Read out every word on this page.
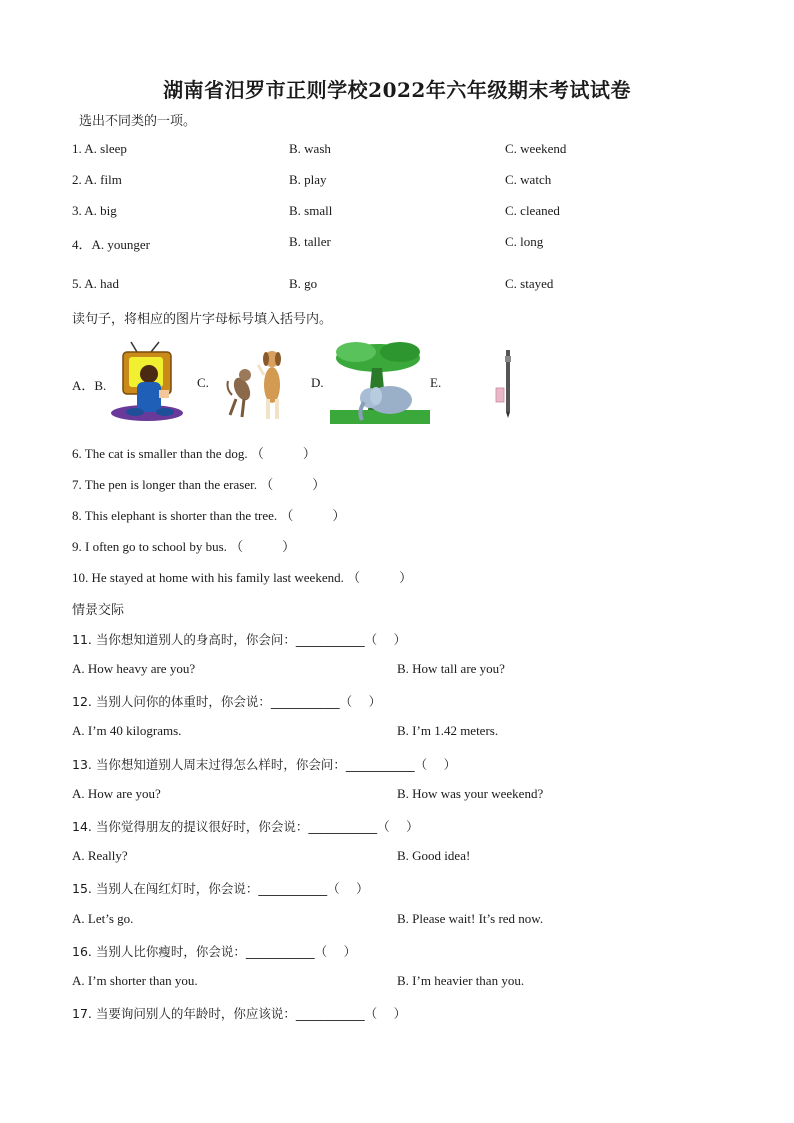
湖南省汨罗市正则学校2022年六年级期末考试试卷
选出不同类的一项。
1. A. sleep	B. wash	C. weekend
2. A. film	B. play	C. watch
3. A. big	B. small	C. cleaned
4．A. younger	B. taller	C. long
5. A. had	B. go	C. stayed
读句子，将相应的图片字母标号填入括号内。
A．B.	C.	D.	E.
6. The cat is smaller than the dog. （　　　）
7. The pen is longer than the eraser. （　　　）
8. This elephant is shorter than the tree. （　　　）
9. I often go to school by bus. （　　　）
10. He stayed at home with his family last weekend. （　　　）
情景交际
11. 当你想知道别人的身高时，你会问：___________（　 ）
A. How heavy are you?	B. How tall are you?
12. 当别人问你的体重时，你会说：___________（　 ）
A. I’m 40 kilograms.	B. I’m 1.42 meters.
13. 当你想知道别人周末过得怎么样时，你会问：___________（　 ）
A. How are you?	B. How was your weekend?
14. 当你觉得朋友的提议很好时，你会说：___________（　 ）
A. Really?	B. Good idea!
15. 当别人在闯红灯时，你会说：___________（　 ）
A. Let’s go.	B. Please wait! It’s red now.
16. 当别人比你瘦时，你会说：___________（　 ）
A. I’m shorter than you.	B. I’m heavier than you.
17. 当要询问别人的年龄时，你应该说：___________（　 ）
